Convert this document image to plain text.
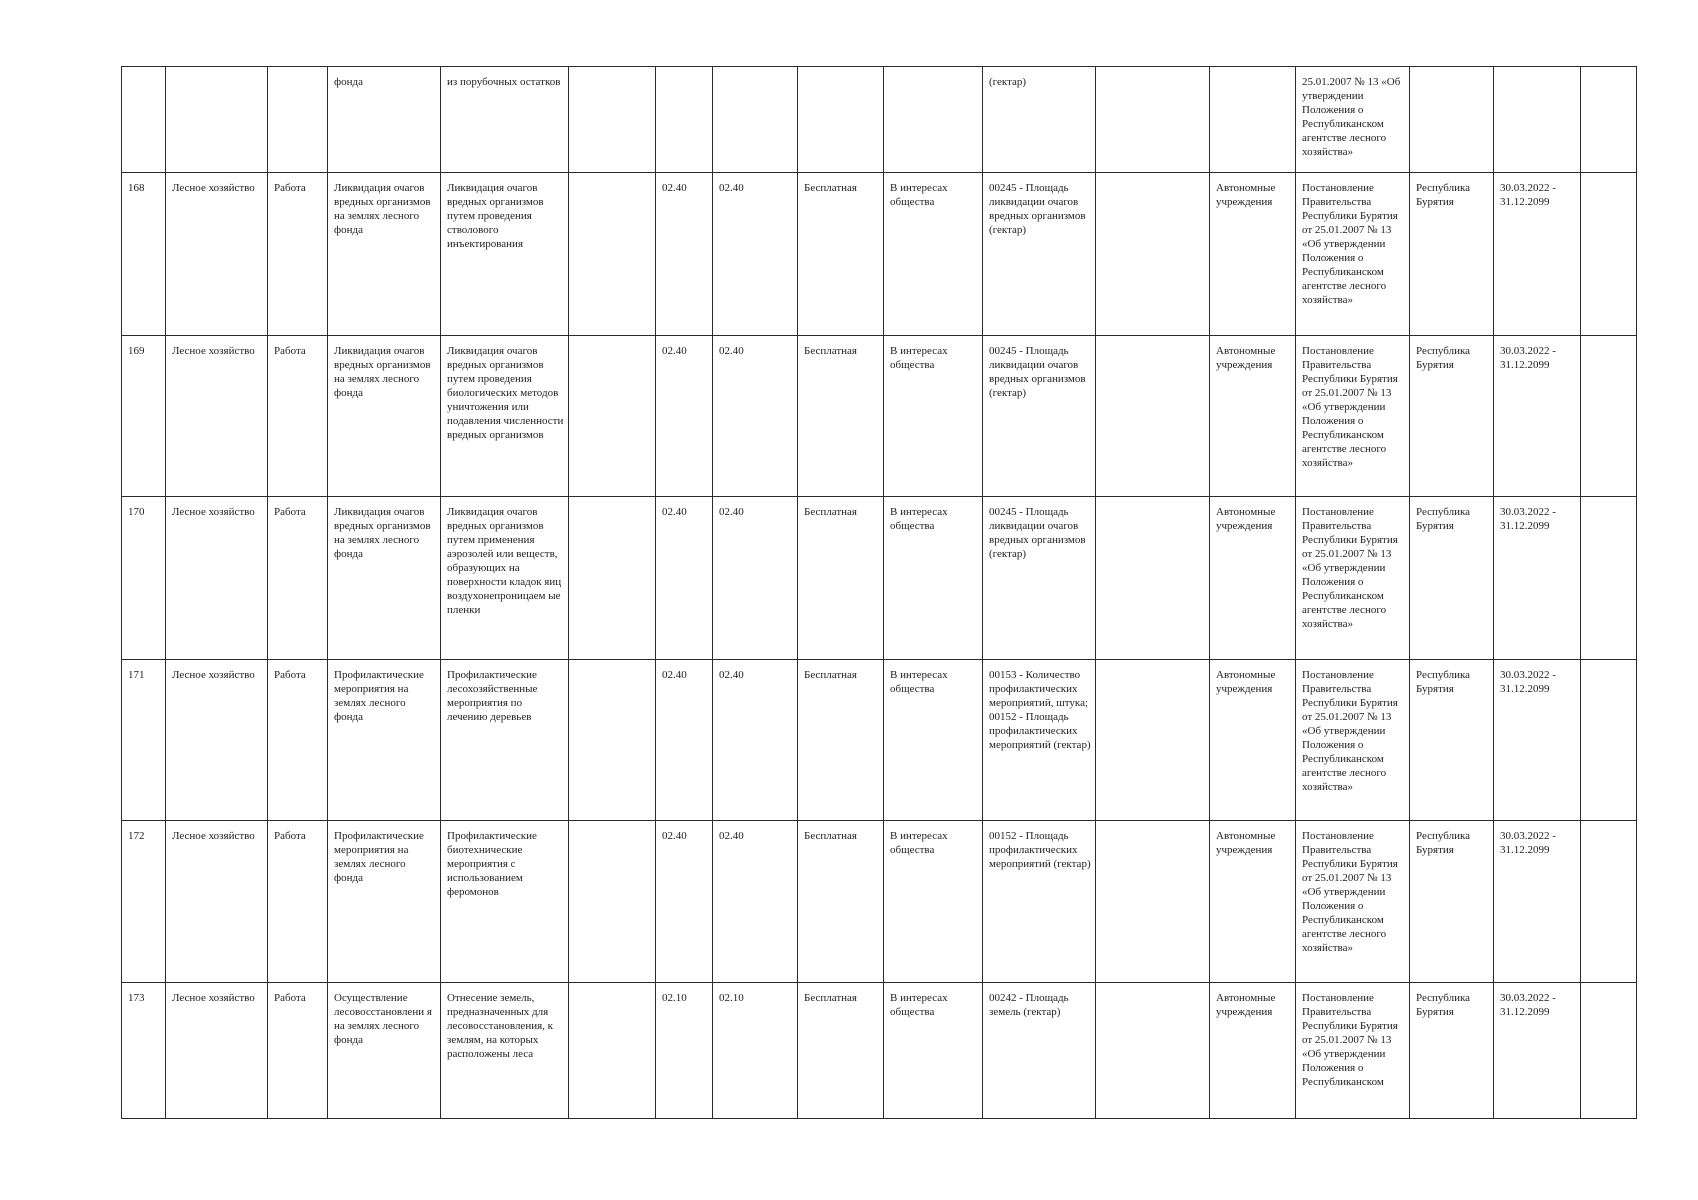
			фонда	из порубочных остатков						(гектар)			25.01.2007 № 13 «Об утверждении Положения о Республиканском агентстве лесного хозяйства»			
168	Лесное хозяйство	Работа	Ликвидация очагов вредных организмов на землях лесного фонда	Ликвидация очагов вредных организмов путем проведения стволового инъектирования		02.40	02.40	Бесплатная	В интересах общества	00245 - Площадь ликвидации очагов вредных организмов (гектар)		Автономные учреждения	Постановление Правительства Республики Бурятия от 25.01.2007 № 13 «Об утверждении Положения о Республиканском агентстве лесного хозяйства»	Республика Бурятия	30.03.2022 - 31.12.2099	
169	Лесное хозяйство	Работа	Ликвидация очагов вредных организмов на землях лесного фонда	Ликвидация очагов вредных организмов путем проведения биологических методов уничтожения или подавления численности вредных организмов		02.40	02.40	Бесплатная	В интересах общества	00245 - Площадь ликвидации очагов вредных организмов (гектар)		Автономные учреждения	Постановление Правительства Республики Бурятия от 25.01.2007 № 13 «Об утверждении Положения о Республиканском агентстве лесного хозяйства»	Республика Бурятия	30.03.2022 - 31.12.2099	
170	Лесное хозяйство	Работа	Ликвидация очагов вредных организмов на землях лесного фонда	Ликвидация очагов вредных организмов путем применения аэрозолей или веществ, образующих на поверхности кладок яиц воздухонепроницаем ые пленки		02.40	02.40	Бесплатная	В интересах общества	00245 - Площадь ликвидации очагов вредных организмов (гектар)		Автономные учреждения	Постановление Правительства Республики Бурятия от 25.01.2007 № 13 «Об утверждении Положения о Республиканском агентстве лесного хозяйства»	Республика Бурятия	30.03.2022 - 31.12.2099	
171	Лесное хозяйство	Работа	Профилактические мероприятия на землях лесного фонда	Профилактические лесохозяйственные мероприятия по лечению деревьев		02.40	02.40	Бесплатная	В интересах общества	00153 - Количество профилактических мероприятий, штука; 00152 - Площадь профилактических мероприятий (гектар)		Автономные учреждения	Постановление Правительства Республики Бурятия от 25.01.2007 № 13 «Об утверждении Положения о Республиканском агентстве лесного хозяйства»	Республика Бурятия	30.03.2022 - 31.12.2099	
172	Лесное хозяйство	Работа	Профилактические мероприятия на землях лесного фонда	Профилактические биотехнические мероприятия с использованием феромонов		02.40	02.40	Бесплатная	В интересах общества	00152 - Площадь профилактических мероприятий (гектар)		Автономные учреждения	Постановление Правительства Республики Бурятия от 25.01.2007 № 13 «Об утверждении Положения о Республиканском агентстве лесного хозяйства»	Республика Бурятия	30.03.2022 - 31.12.2099	
173	Лесное хозяйство	Работа	Осуществление лесовосстановлени я на землях лесного фонда	Отнесение земель, предназначенных для лесовосстановления, к землям, на которых расположены леса		02.10	02.10	Бесплатная	В интересах общества	00242 - Площадь земель (гектар)		Автономные учреждения	Постановление Правительства Республики Бурятия от 25.01.2007 № 13 «Об утверждении Положения о Республиканском	Республика Бурятия	30.03.2022 - 31.12.2099	
